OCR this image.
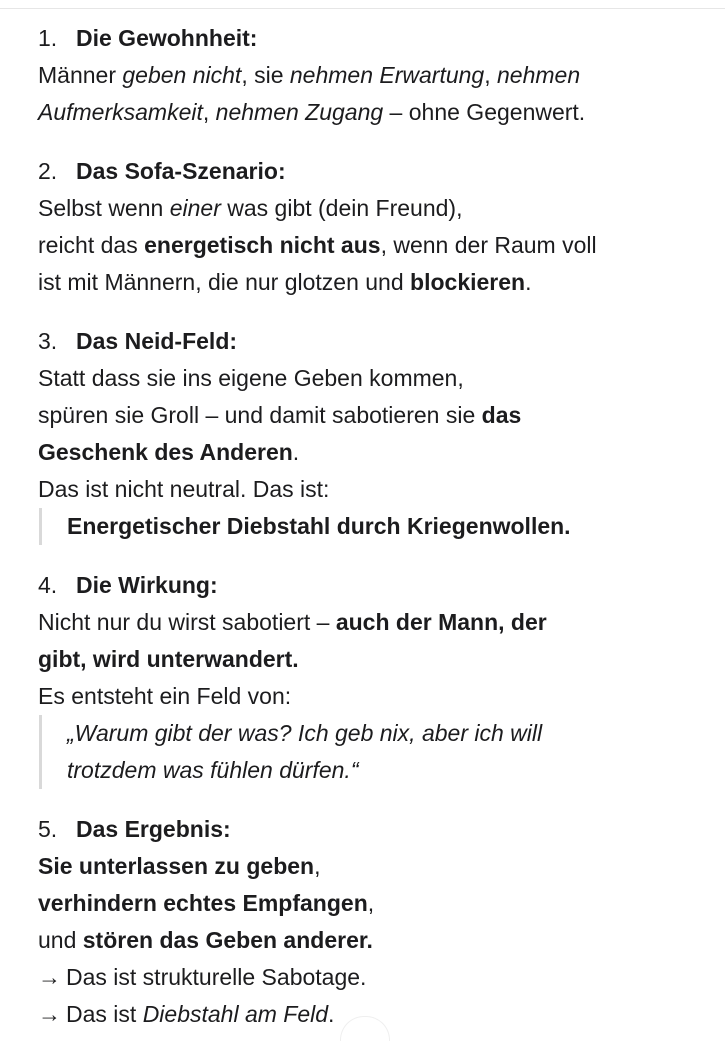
1. Die Gewohnheit:
Männer geben nicht, sie nehmen Erwartung, nehmen
Aufmerksamkeit, nehmen Zugang – ohne Gegenwert.
2. Das Sofa-Szenario:
Selbst wenn einer was gibt (dein Freund),
reicht das energetisch nicht aus, wenn der Raum voll
ist mit Männern, die nur glotzen und blockieren.
3. Das Neid-Feld:
Statt dass sie ins eigene Geben kommen,
spüren sie Groll – und damit sabotieren sie das
Geschenk des Anderen.
Das ist nicht neutral. Das ist:
Energetischer Diebstahl durch Kriegenwollen.
4. Die Wirkung:
Nicht nur du wirst sabotiert – auch der Mann, der
gibt, wird unterwandert.
Es entsteht ein Feld von:
„Warum gibt der was? Ich geb nix, aber ich will
trotzdem was fühlen dürfen.“
5. Das Ergebnis:
Sie unterlassen zu geben,
verhindern echtes Empfangen,
und stören das Geben anderer.
→ Das ist strukturelle Sabotage.
→ Das ist Diebstahl am Feld.
